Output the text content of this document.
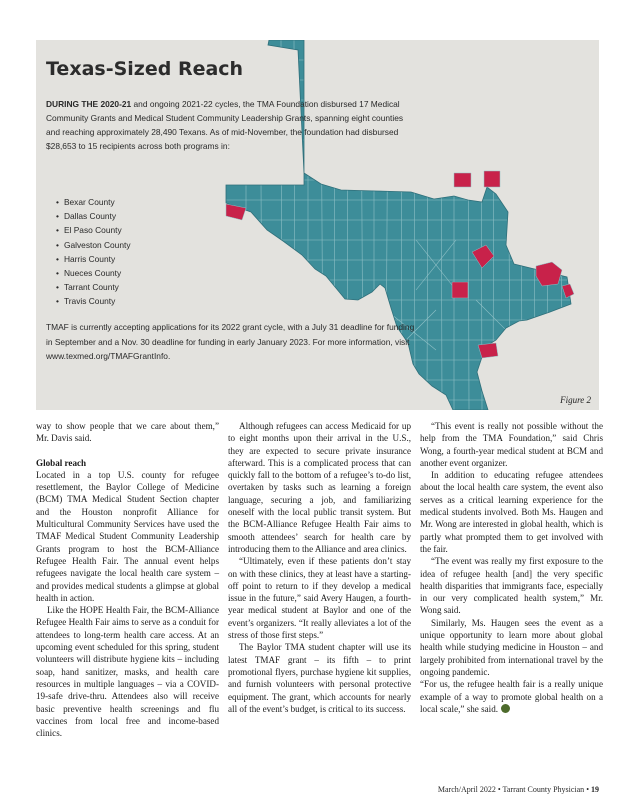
Texas-Sized Reach

DURING THE 2020-21 and ongoing 2021-22 cycles, the TMA Foundation disbursed 17 Medical Community Grants and Medical Student Community Leadership Grants, spanning eight counties and reaching approximately 28,490 Texans. As of mid-November, the foundation had disbursed $28,653 to 15 recipients across both programs in:

• Bexar County
• Dallas County
• El Paso County
• Galveston County
• Harris County
• Nueces County
• Tarrant County
• Travis County

TMAF is currently accepting applications for its 2022 grant cycle, with a July 31 deadline for funding in September and a Nov. 30 deadline for funding in early January 2023. For more information, visit www.texmed.org/TMAFGrantInfo.

Figure 2

way to show people that we care about them,” Mr. Davis said.

Global reach

Located in a top U.S. county for refugee resettlement, the Baylor College of Medicine (BCM) TMA Medical Student Section chapter and the Houston nonprofit Alliance for Multicultural Community Services have used the TMAF Medical Student Community Leadership Grants program to host the BCM-Alliance Refugee Health Fair. The annual event helps refugees navigate the local health care system – and provides medical students a glimpse at global health in action.

Like the HOPE Health Fair, the BCM-Alliance Refugee Health Fair aims to serve as a conduit for attendees to long-term health care access. At an upcoming event scheduled for this spring, student volunteers will distribute hygiene kits – including soap, hand sanitizer, masks, and health care resources in multiple languages – via a COVID-19-safe drive-thru. Attendees also will receive basic preventive health screenings and flu vaccines from local free and income-based clinics.

Although refugees can access Medicaid for up to eight months upon their arrival in the U.S., they are expected to secure private insurance afterward. This is a complicated process that can quickly fall to the bottom of a refugee’s to-do list, overtaken by tasks such as learning a foreign language, securing a job, and familiarizing oneself with the local public transit system. But the BCM-Alliance Refugee Health Fair aims to smooth attendees’ search for health care by introducing them to the Alliance and area clinics.

“Ultimately, even if these patients don’t stay on with these clinics, they at least have a starting-off point to return to if they develop a medical issue in the future,” said Avery Haugen, a fourth-year medical student at Baylor and one of the event’s organizers. “It really alleviates a lot of the stress of those first steps.”

The Baylor TMA student chapter will use its latest TMAF grant – its fifth – to print promotional flyers, purchase hygiene kit supplies, and furnish volunteers with personal protective equipment. The grant, which accounts for nearly all of the event’s budget, is critical to its success.

“This event is really not possible without the help from the TMA Foundation,” said Chris Wong, a fourth-year medical student at BCM and another event organizer.

In addition to educating refugee attendees about the local health care system, the event also serves as a critical learning experience for the medical students involved. Both Ms. Haugen and Mr. Wong are interested in global health, which is partly what prompted them to get involved with the fair.

“The event was really my first exposure to the idea of refugee health [and] the very specific health disparities that immigrants face, especially in our very complicated health system,” Mr. Wong said.

Similarly, Ms. Haugen sees the event as a unique opportunity to learn more about global health while studying medicine in Houston – and largely prohibited from international travel by the ongoing pandemic.

“For us, the refugee health fair is a really unique example of a way to promote global health on a local scale,” she said.

March/April 2022 • Tarrant County Physician • 19
